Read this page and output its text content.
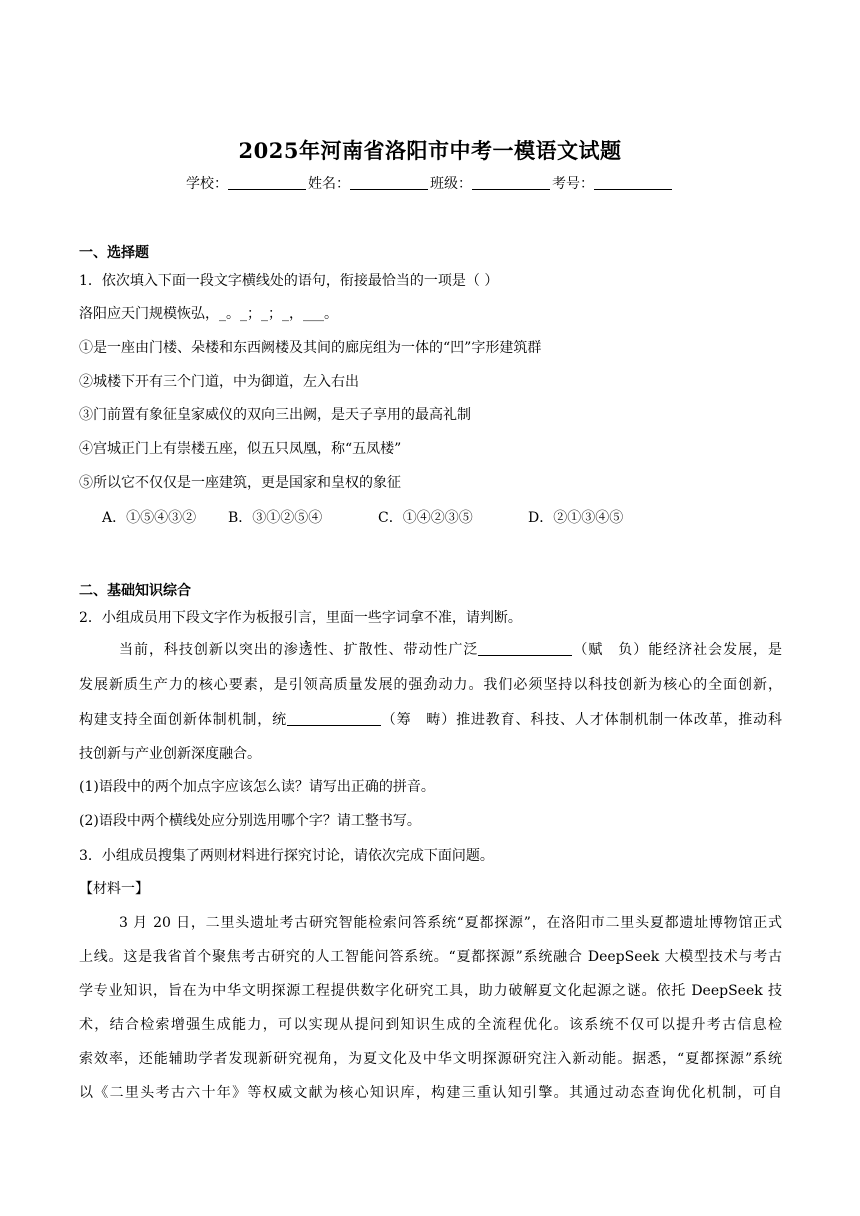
2025年河南省洛阳市中考一模语文试题
学校：	姓名：	班级：	考号：
一、选择题
1．依次填入下面一段文字横线处的语句，衔接最恰当的一项是（ ）
洛阳应天门规模恢弘，_。_；_；_，___。
①是一座由门楼、朵楼和东西阙楼及其间的廊庑组为一体的“凹”字形建筑群
②城楼下开有三个门道，中为御道，左入右出
③门前置有象征皇家威仪的双向三出阙，是天子享用的最高礼制
④宫城正门上有崇楼五座，似五只凤凰，称“五凤楼”
⑤所以它不仅仅是一座建筑，更是国家和皇权的象征
A．①⑤④③② B．③①②⑤④	C．①④②③⑤	D．②①③④⑤
二、基础知识综合
2．小组成员用下段文字作为板报引言，里面一些字词拿不准，请判断。
当前，科技创新以突出的渗透性、扩散性、带动性广泛	（赋　负）能经济社会发展，是
发展新质生产力的核心要素，是引领高质量发展的强劲动力。我们必须坚持以科技创新为核心的全面创新，
构建支持全面创新体制机制，统	（筹　畴）推进教育、科技、人才体制机制一体改革，推动科
技创新与产业创新深度融合。
(1)语段中的两个加点字应该怎么读？请写出正确的拼音。
(2)语段中两个横线处应分别选用哪个字？请工整书写。
3．小组成员搜集了两则材料进行探究讨论，请依次完成下面问题。
【材料一】
3 月 20 日，二里头遗址考古研究智能检索问答系统“夏都探源”，在洛阳市二里头夏都遗址博物馆正式
上线。这是我省首个聚焦考古研究的人工智能问答系统。“夏都探源”系统融合 DeepSeek 大模型技术与考古
学专业知识，旨在为中华文明探源工程提供数字化研究工具，助力破解夏文化起源之谜。依托 DeepSeek 技
术，结合检索增强生成能力，可以实现从提问到知识生成的全流程优化。该系统不仅可以提升考古信息检
索效率，还能辅助学者发现新研究视角，为夏文化及中华文明探源研究注入新动能。据悉，“夏都探源”系统
以《二里头考古六十年》等权威文献为核心知识库，构建三重认知引擎。其通过动态查询优化机制，可自
